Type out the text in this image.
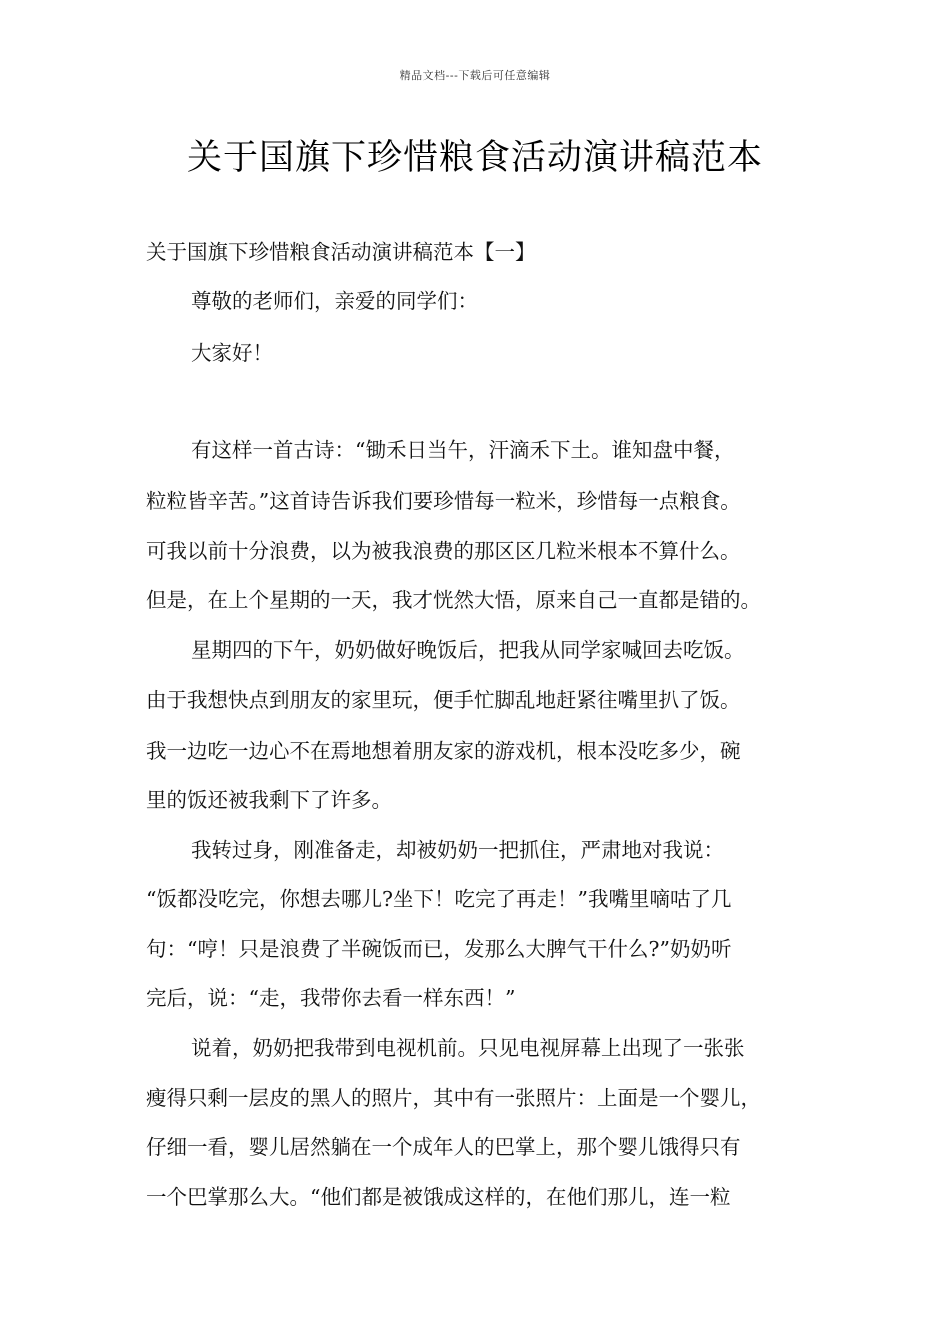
精品文档---下载后可任意编辑
关于国旗下珍惜粮食活动演讲稿范本
关于国旗下珍惜粮食活动演讲稿范本【一】
尊敬的老师们，亲爱的同学们：
大家好！
有这样一首古诗：“锄禾日当午，汗滴禾下土。谁知盘中餐，
粒粒皆辛苦。”这首诗告诉我们要珍惜每一粒米，珍惜每一点粮食。
可我以前十分浪费，以为被我浪费的那区区几粒米根本不算什么。
但是，在上个星期的一天，我才恍然大悟，原来自己一直都是错的。
星期四的下午，奶奶做好晚饭后，把我从同学家喊回去吃饭。
由于我想快点到朋友的家里玩，便手忙脚乱地赶紧往嘴里扒了饭。
我一边吃一边心不在焉地想着朋友家的游戏机，根本没吃多少，碗
里的饭还被我剩下了许多。
我转过身，刚准备走，却被奶奶一把抓住，严肃地对我说：
“饭都没吃完，你想去哪儿?坐下！吃完了再走！”我嘴里嘀咕了几
句：“哼！只是浪费了半碗饭而已，发那么大脾气干什么?”奶奶听
完后，说：“走，我带你去看一样东西！”
说着，奶奶把我带到电视机前。只见电视屏幕上出现了一张张
瘦得只剩一层皮的黑人的照片，其中有一张照片：上面是一个婴儿，
仔细一看，婴儿居然躺在一个成年人的巴掌上，那个婴儿饿得只有
一个巴掌那么大。“他们都是被饿成这样的，在他们那儿，连一粒
